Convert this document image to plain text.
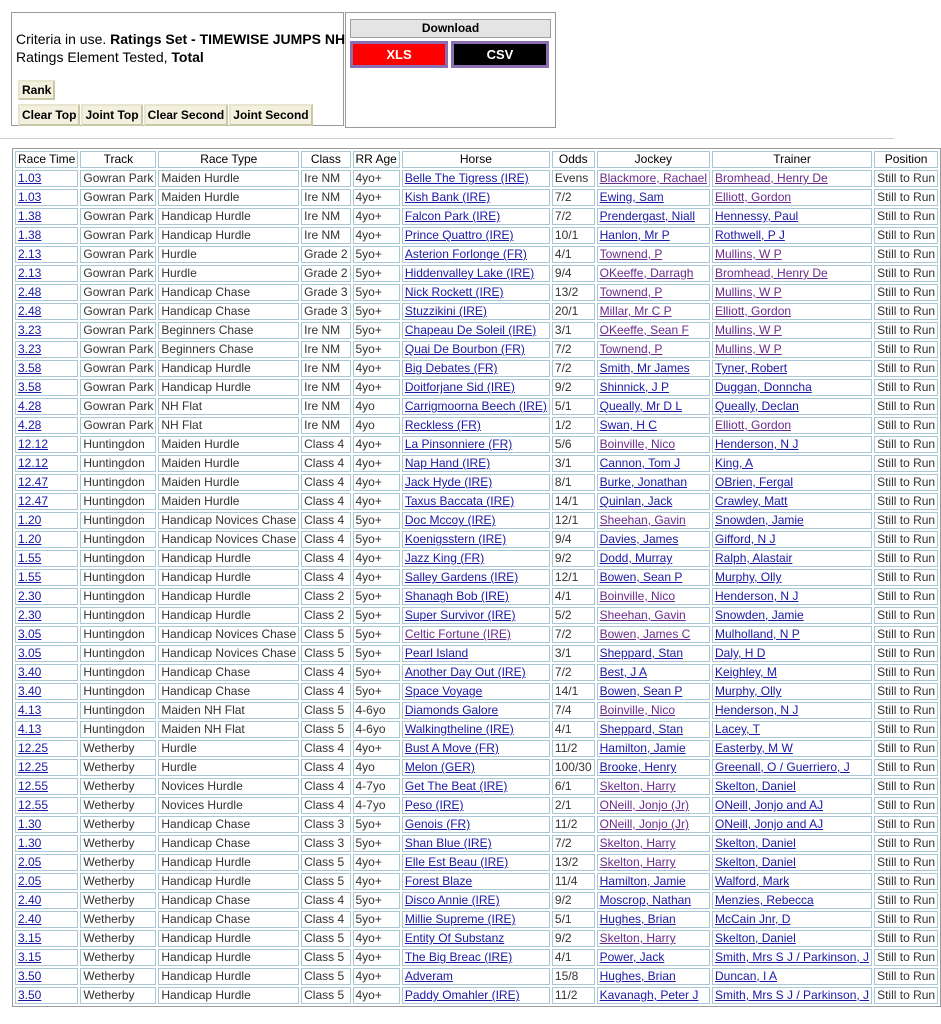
Criteria in use. Ratings Set - TIMEWISE JUMPS NH
Ratings Element Tested, Total
Rank
Clear Top Joint Top Clear Second Joint Second
Download
XLS	CSV
Race Time	Track	Race Type	Class	RR Age	Horse	Odds	Jockey	Trainer	Position
1.03	Gowran Park	Maiden Hurdle	Ire NM	4yo+	Belle The Tigress (IRE)	Evens	Blackmore, Rachael	Bromhead, Henry De	Still to Run
1.03	Gowran Park	Maiden Hurdle	Ire NM	4yo+	Kish Bank (IRE)	7/2	Ewing, Sam	Elliott, Gordon	Still to Run
1.38	Gowran Park	Handicap Hurdle	Ire NM	4yo+	Falcon Park (IRE)	7/2	Prendergast, Niall	Hennessy, Paul	Still to Run
1.38	Gowran Park	Handicap Hurdle	Ire NM	4yo+	Prince Quattro (IRE)	10/1	Hanlon, Mr P	Rothwell, P J	Still to Run
2.13	Gowran Park	Hurdle	Grade 2	5yo+	Asterion Forlonge (FR)	4/1	Townend, P	Mullins, W P	Still to Run
2.13	Gowran Park	Hurdle	Grade 2	5yo+	Hiddenvalley Lake (IRE)	9/4	OKeeffe, Darragh	Bromhead, Henry De	Still to Run
2.48	Gowran Park	Handicap Chase	Grade 3	5yo+	Nick Rockett (IRE)	13/2	Townend, P	Mullins, W P	Still to Run
2.48	Gowran Park	Handicap Chase	Grade 3	5yo+	Stuzzikini (IRE)	20/1	Millar, Mr C P	Elliott, Gordon	Still to Run
3.23	Gowran Park	Beginners Chase	Ire NM	5yo+	Chapeau De Soleil (IRE)	3/1	OKeeffe, Sean F	Mullins, W P	Still to Run
3.23	Gowran Park	Beginners Chase	Ire NM	5yo+	Quai De Bourbon (FR)	7/2	Townend, P	Mullins, W P	Still to Run
3.58	Gowran Park	Handicap Hurdle	Ire NM	4yo+	Big Debates (FR)	7/2	Smith, Mr James	Tyner, Robert	Still to Run
3.58	Gowran Park	Handicap Hurdle	Ire NM	4yo+	Doitforjane Sid (IRE)	9/2	Shinnick, J P	Duggan, Donncha	Still to Run
4.28	Gowran Park	NH Flat	Ire NM	4yo	Carrigmoorna Beech (IRE)	5/1	Queally, Mr D L	Queally, Declan	Still to Run
4.28	Gowran Park	NH Flat	Ire NM	4yo	Reckless (FR)	1/2	Swan, H C	Elliott, Gordon	Still to Run
12.12	Huntingdon	Maiden Hurdle	Class 4	4yo+	La Pinsonniere (FR)	5/6	Boinville, Nico	Henderson, N J	Still to Run
12.12	Huntingdon	Maiden Hurdle	Class 4	4yo+	Nap Hand (IRE)	3/1	Cannon, Tom J	King, A	Still to Run
12.47	Huntingdon	Maiden Hurdle	Class 4	4yo+	Jack Hyde (IRE)	8/1	Burke, Jonathan	OBrien, Fergal	Still to Run
12.47	Huntingdon	Maiden Hurdle	Class 4	4yo+	Taxus Baccata (IRE)	14/1	Quinlan, Jack	Crawley, Matt	Still to Run
1.20	Huntingdon	Handicap Novices Chase	Class 4	5yo+	Doc Mccoy (IRE)	12/1	Sheehan, Gavin	Snowden, Jamie	Still to Run
1.20	Huntingdon	Handicap Novices Chase	Class 4	5yo+	Koenigsstern (IRE)	9/4	Davies, James	Gifford, N J	Still to Run
1.55	Huntingdon	Handicap Hurdle	Class 4	4yo+	Jazz King (FR)	9/2	Dodd, Murray	Ralph, Alastair	Still to Run
1.55	Huntingdon	Handicap Hurdle	Class 4	4yo+	Salley Gardens (IRE)	12/1	Bowen, Sean P	Murphy, Olly	Still to Run
2.30	Huntingdon	Handicap Hurdle	Class 2	5yo+	Shanagh Bob (IRE)	4/1	Boinville, Nico	Henderson, N J	Still to Run
2.30	Huntingdon	Handicap Hurdle	Class 2	5yo+	Super Survivor (IRE)	5/2	Sheehan, Gavin	Snowden, Jamie	Still to Run
3.05	Huntingdon	Handicap Novices Chase	Class 5	5yo+	Celtic Fortune (IRE)	7/2	Bowen, James C	Mulholland, N P	Still to Run
3.05	Huntingdon	Handicap Novices Chase	Class 5	5yo+	Pearl Island	3/1	Sheppard, Stan	Daly, H D	Still to Run
3.40	Huntingdon	Handicap Chase	Class 4	5yo+	Another Day Out (IRE)	7/2	Best, J A	Keighley, M	Still to Run
3.40	Huntingdon	Handicap Chase	Class 4	5yo+	Space Voyage	14/1	Bowen, Sean P	Murphy, Olly	Still to Run
4.13	Huntingdon	Maiden NH Flat	Class 5	4-6yo	Diamonds Galore	7/4	Boinville, Nico	Henderson, N J	Still to Run
4.13	Huntingdon	Maiden NH Flat	Class 5	4-6yo	Walkingtheline (IRE)	4/1	Sheppard, Stan	Lacey, T	Still to Run
12.25	Wetherby	Hurdle	Class 4	4yo+	Bust A Move (FR)	11/2	Hamilton, Jamie	Easterby, M W	Still to Run
12.25	Wetherby	Hurdle	Class 4	4yo	Melon (GER)	100/30	Brooke, Henry	Greenall, O / Guerriero, J	Still to Run
12.55	Wetherby	Novices Hurdle	Class 4	4-7yo	Get The Beat (IRE)	6/1	Skelton, Harry	Skelton, Daniel	Still to Run
12.55	Wetherby	Novices Hurdle	Class 4	4-7yo	Peso (IRE)	2/1	ONeill, Jonjo (Jr)	ONeill, Jonjo and AJ	Still to Run
1.30	Wetherby	Handicap Chase	Class 3	5yo+	Genois (FR)	11/2	ONeill, Jonjo (Jr)	ONeill, Jonjo and AJ	Still to Run
1.30	Wetherby	Handicap Chase	Class 3	5yo+	Shan Blue (IRE)	7/2	Skelton, Harry	Skelton, Daniel	Still to Run
2.05	Wetherby	Handicap Hurdle	Class 5	4yo+	Elle Est Beau (IRE)	13/2	Skelton, Harry	Skelton, Daniel	Still to Run
2.05	Wetherby	Handicap Hurdle	Class 5	4yo+	Forest Blaze	11/4	Hamilton, Jamie	Walford, Mark	Still to Run
2.40	Wetherby	Handicap Chase	Class 4	5yo+	Disco Annie (IRE)	9/2	Moscrop, Nathan	Menzies, Rebecca	Still to Run
2.40	Wetherby	Handicap Chase	Class 4	5yo+	Millie Supreme (IRE)	5/1	Hughes, Brian	McCain Jnr, D	Still to Run
3.15	Wetherby	Handicap Hurdle	Class 5	4yo+	Entity Of Substanz	9/2	Skelton, Harry	Skelton, Daniel	Still to Run
3.15	Wetherby	Handicap Hurdle	Class 5	4yo+	The Big Breac (IRE)	4/1	Power, Jack	Smith, Mrs S J / Parkinson, J	Still to Run
3.50	Wetherby	Handicap Hurdle	Class 5	4yo+	Adveram	15/8	Hughes, Brian	Duncan, I A	Still to Run
3.50	Wetherby	Handicap Hurdle	Class 5	4yo+	Paddy Omahler (IRE)	11/2	Kavanagh, Peter J	Smith, Mrs S J / Parkinson, J	Still to Run
